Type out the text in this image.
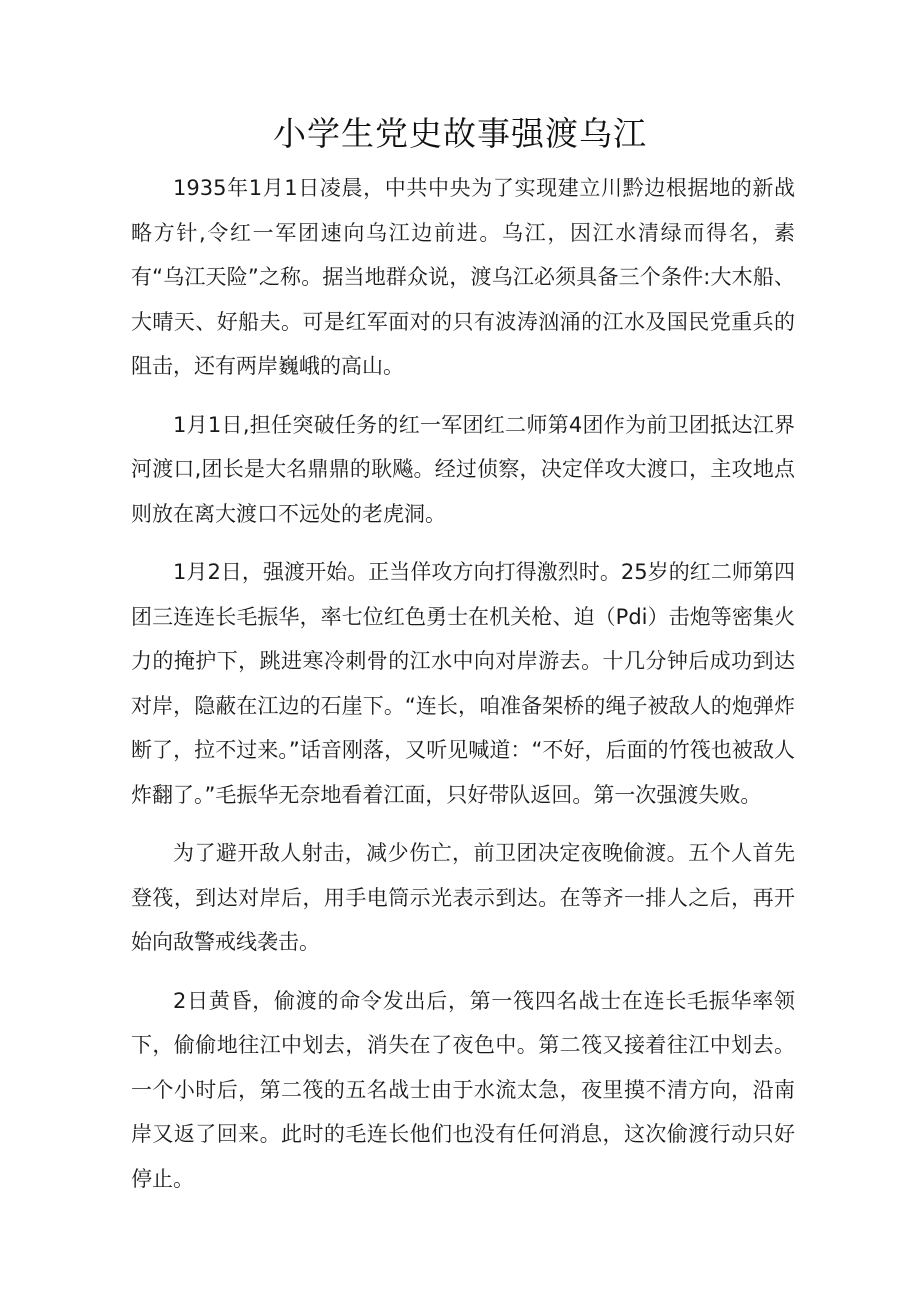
小学生党史故事强渡乌江

1935年1月1日凌晨，中共中央为了实现建立川黔边根据地的新战略方针,令红一军团速向乌江边前进。乌江，因江水清绿而得名，素有“乌江天险”之称。据当地群众说，渡乌江必须具备三个条件:大木船、大晴天、好船夫。可是红军面对的只有波涛汹涌的江水及国民党重兵的阻击，还有两岸巍峨的高山。

1月1日,担任突破任务的红一军团红二师第4团作为前卫团抵达江界河渡口,团长是大名鼎鼎的耿飚。经过侦察，决定佯攻大渡口，主攻地点则放在离大渡口不远处的老虎洞。

1月2日，强渡开始。正当佯攻方向打得激烈时。25岁的红二师第四团三连连长毛振华，率七位红色勇士在机关枪、迫（Pdi）击炮等密集火力的掩护下，跳进寒冷刺骨的江水中向对岸游去。十几分钟后成功到达对岸，隐蔽在江边的石崖下。“连长，咱准备架桥的绳子被敌人的炮弹炸断了，拉不过来。”话音刚落，又听见喊道：“不好，后面的竹筏也被敌人炸翻了。”毛振华无奈地看着江面，只好带队返回。第一次强渡失败。

为了避开敌人射击，减少伤亡，前卫团决定夜晚偷渡。五个人首先登筏，到达对岸后，用手电筒示光表示到达。在等齐一排人之后，再开始向敌警戒线袭击。

2日黄昏，偷渡的命令发出后，第一筏四名战士在连长毛振华率领下，偷偷地往江中划去，消失在了夜色中。第二筏又接着往江中划去。一个小时后，第二筏的五名战士由于水流太急，夜里摸不清方向，沿南岸又返了回来。此时的毛连长他们也没有任何消息，这次偷渡行动只好停止。
